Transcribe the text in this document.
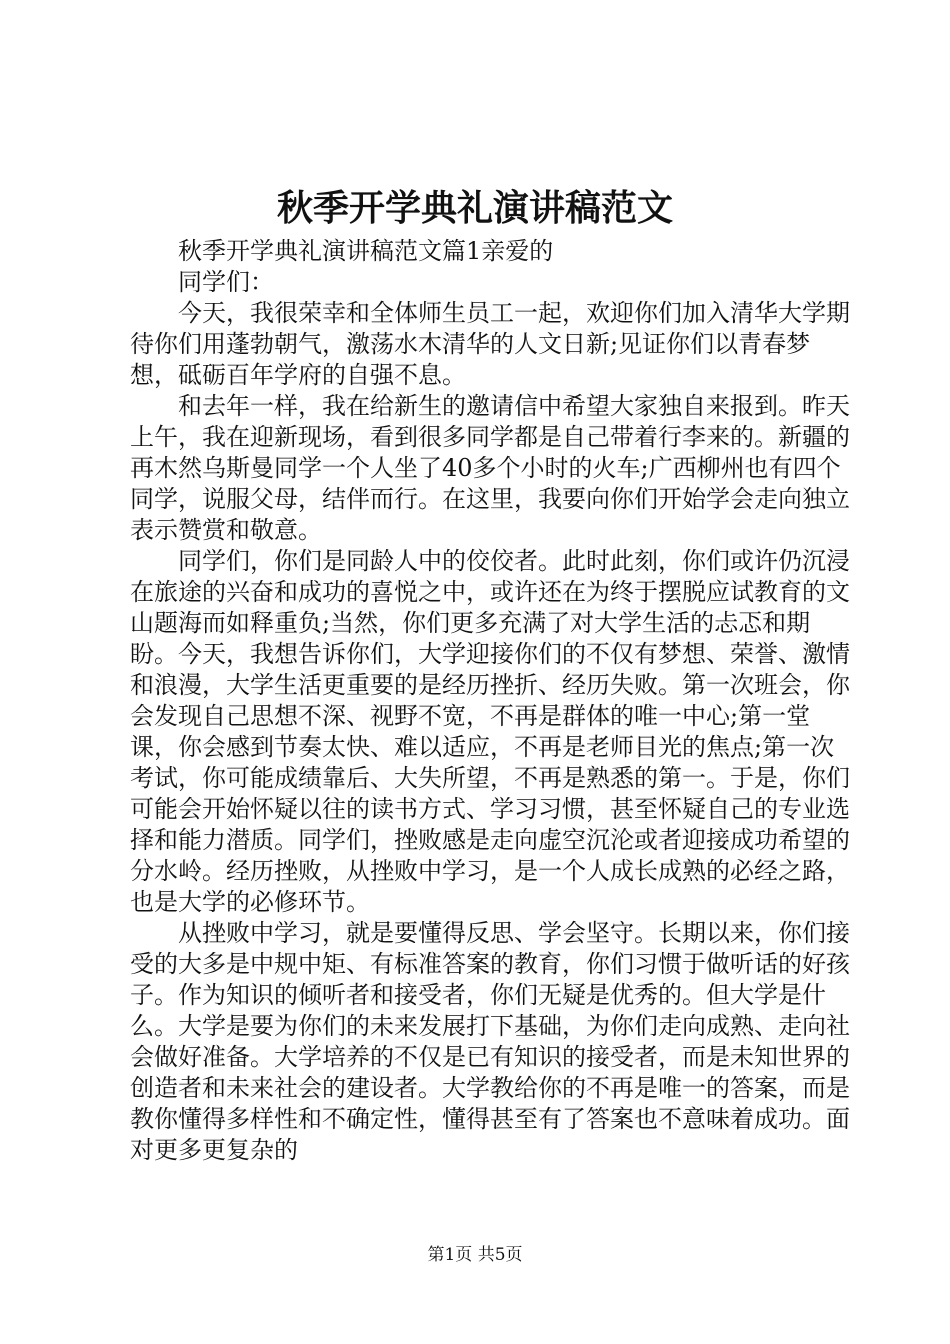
秋季开学典礼演讲稿范文

秋季开学典礼演讲稿范文篇1亲爱的

同学们：

今天，我很荣幸和全体师生员工一起，欢迎你们加入清华大学期待你们用蓬勃朝气，激荡水木清华的人文日新;见证你们以青春梦想，砥砺百年学府的自强不息。

和去年一样，我在给新生的邀请信中希望大家独自来报到。昨天上午，我在迎新现场，看到很多同学都是自己带着行李来的。新疆的再木然乌斯曼同学一个人坐了40多个小时的火车;广西柳州也有四个同学，说服父母，结伴而行。在这里，我要向你们开始学会走向独立表示赞赏和敬意。

同学们，你们是同龄人中的佼佼者。此时此刻，你们或许仍沉浸在旅途的兴奋和成功的喜悦之中，或许还在为终于摆脱应试教育的文山题海而如释重负;当然，你们更多充满了对大学生活的忐忑和期盼。今天，我想告诉你们，大学迎接你们的不仅有梦想、荣誉、激情和浪漫，大学生活更重要的是经历挫折、经历失败。第一次班会，你会发现自己思想不深、视野不宽，不再是群体的唯一中心;第一堂课，你会感到节奏太快、难以适应，不再是老师目光的焦点;第一次考试，你可能成绩靠后、大失所望，不再是熟悉的第一。于是，你们可能会开始怀疑以往的读书方式、学习习惯，甚至怀疑自己的专业选择和能力潜质。同学们，挫败感是走向虚空沉沦或者迎接成功希望的分水岭。经历挫败，从挫败中学习，是一个人成长成熟的必经之路，也是大学的必修环节。

从挫败中学习，就是要懂得反思、学会坚守。长期以来，你们接受的大多是中规中矩、有标准答案的教育，你们习惯于做听话的好孩子。作为知识的倾听者和接受者，你们无疑是优秀的。但大学是什么。大学是要为你们的未来发展打下基础，为你们走向成熟、走向社会做好准备。大学培养的不仅是已有知识的接受者，而是未知世界的创造者和未来社会的建设者。大学教给你的不再是唯一的答案，而是教你懂得多样性和不确定性，懂得甚至有了答案也不意味着成功。面对更多更复杂的

第1页 共5页
